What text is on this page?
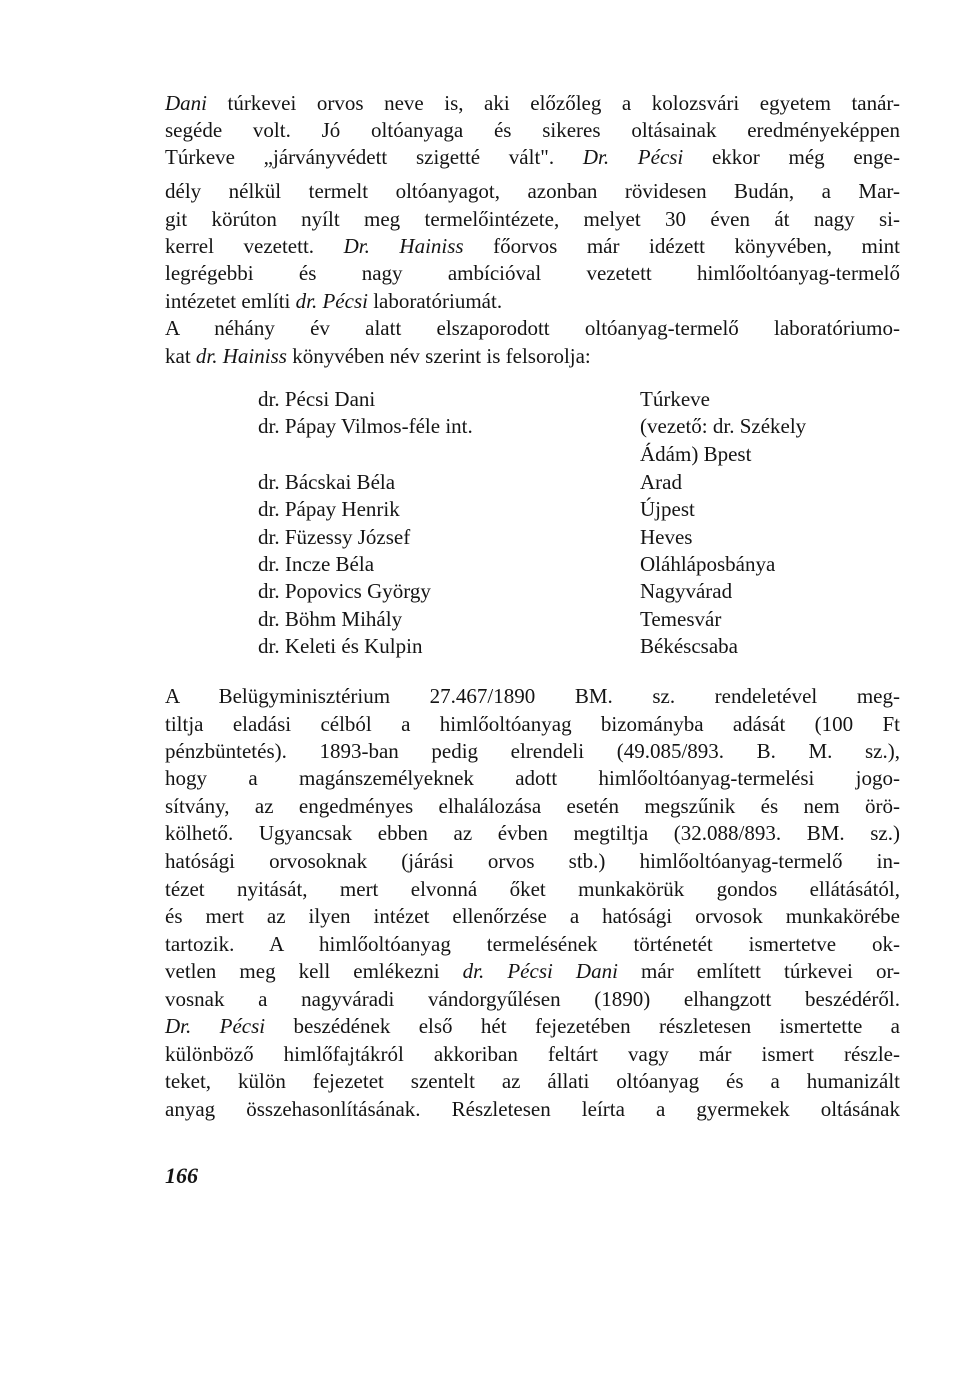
Dani túrkevei orvos neve is, aki előzőleg a kolozsvári egyetem tanár-
segéde volt. Jó oltóanyaga és sikeres oltásainak eredményeképpen
Túrkeve „járványvédett szigetté vált". Dr. Pécsi ekkor még enge-
dély nélkül termelt oltóanyagot, azonban rövidesen Budán, a Mar-
git körúton nyílt meg termelőintézete, melyet 30 éven át nagy si-
kerrel vezetett. Dr. Hainiss főorvos már idézett könyvében, mint
legrégebbi és nagy ambícióval vezetett himlőoltóanyag-termelő
intézetet említi dr. Pécsi laboratóriumát.
A néhány év alatt elszaporodott oltóanyag-termelő laboratóriumo-
kat dr. Hainiss könyvében név szerint is felsorolja:
dr. Pécsi Dani	Túrkeve
dr. Pápay Vilmos-féle int.	(vezető: dr. Székely
Ádám) Bpest
dr. Bácskai Béla	Arad
dr. Pápay Henrik	Újpest
dr. Füzessy József	Heves
dr. Incze Béla	Oláhláposbánya
dr. Popovics György	Nagyvárad
dr. Böhm Mihály	Temesvár
dr. Keleti és Kulpin	Békéscsaba
A Belügyminisztérium 27.467/1890 BM. sz. rendeletével meg-
tiltja eladási célból a himlőoltóanyag bizományba adását (100 Ft
pénzbüntetés). 1893-ban pedig elrendeli (49.085/893. B. M. sz.),
hogy a magánszemélyeknek adott himlőoltóanyag-termelési jogo-
sítvány, az engedményes elhalálozása esetén megszűnik és nem örö-
kölhető. Ugyancsak ebben az évben megtiltja (32.088/893. BM. sz.)
hatósági orvosoknak (járási orvos stb.) himlőoltóanyag-termelő in-
tézet nyitását, mert elvonná őket munkakörük gondos ellátásától,
és mert az ilyen intézet ellenőrzése a hatósági orvosok munkakörébe
tartozik. A himlőoltóanyag termelésének történetét ismertetve ok-
vetlen meg kell emlékezni dr. Pécsi Dani már említett túrkevei or-
vosnak a nagyváradi vándorgyűlésen (1890) elhangzott beszédéről.
Dr. Pécsi beszédének első hét fejezetében részletesen ismertette a
különböző himlőfajtákról akkoriban feltárt vagy már ismert részle-
teket, külön fejezetet szentelt az állati oltóanyag és a humanizált
anyag összehasonlításának. Részletesen leírta a gyermekek oltásának
166
